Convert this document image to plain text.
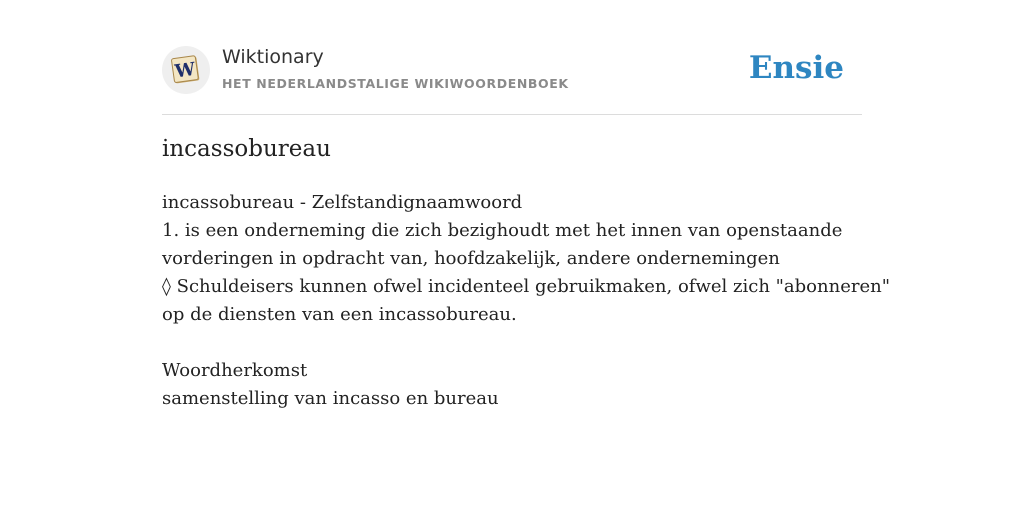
W
Wiktionary
HET NEDERLANDSTALIGE WIKIWOORDENBOEK	Ensie
incassobureau
incassobureau - Zelfstandignaamwoord
1. is een onderneming die zich bezighoudt met het innen van openstaande
vorderingen in opdracht van, hoofdzakelijk, andere ondernemingen
◊ Schuldeisers kunnen ofwel incidenteel gebruikmaken, ofwel zich "abonneren"
op de diensten van een incassobureau.
Woordherkomst
samenstelling van incasso en bureau
